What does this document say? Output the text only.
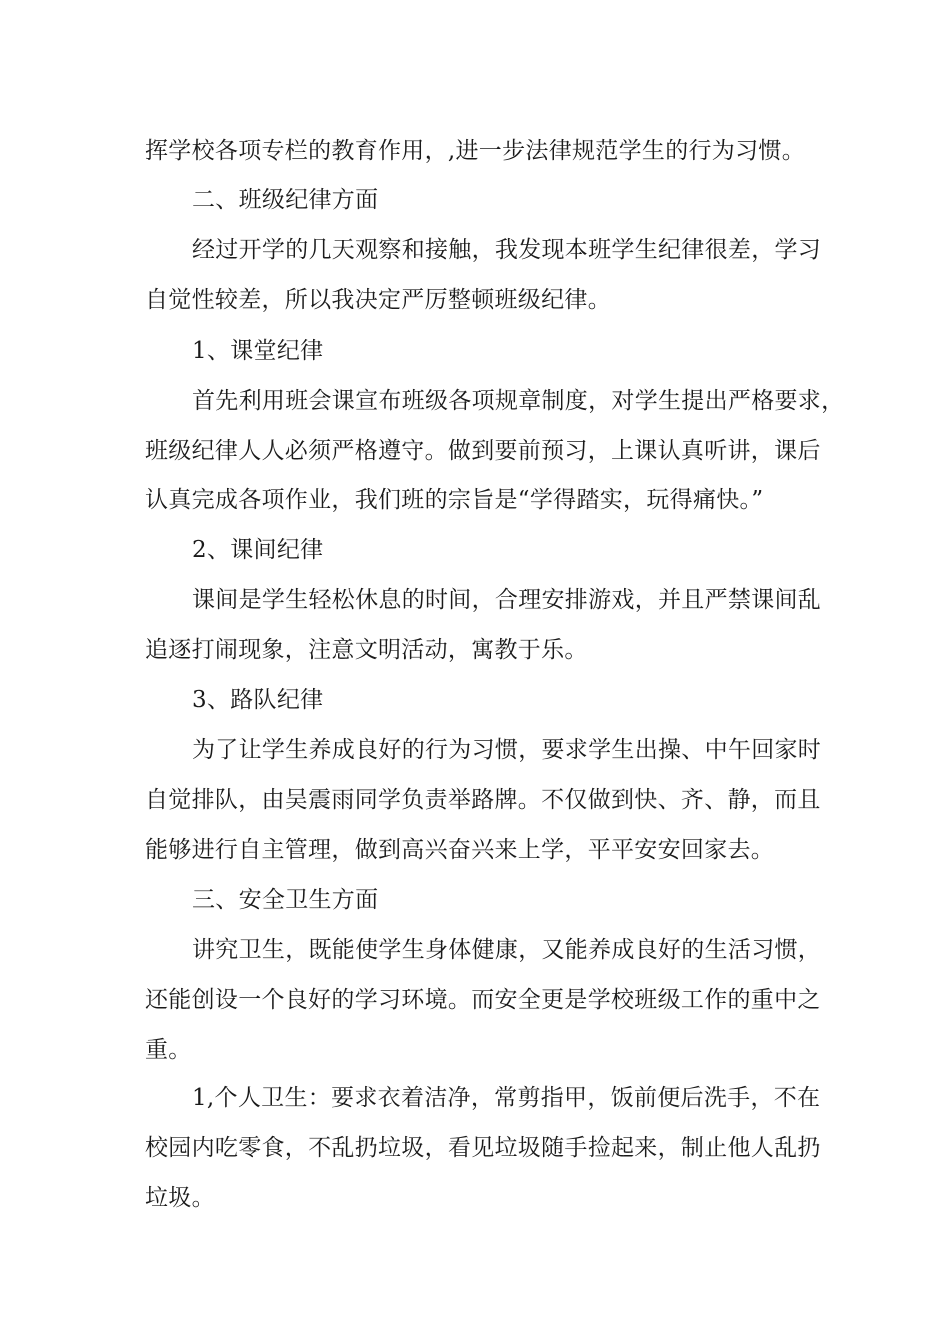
挥学校各项专栏的教育作用，,进一步法律规范学生的行为习惯。
二、班级纪律方面
经过开学的几天观察和接触，我发现本班学生纪律很差，学习
自觉性较差，所以我决定严厉整顿班级纪律。
1、课堂纪律
首先利用班会课宣布班级各项规章制度，对学生提出严格要求，
班级纪律人人必须严格遵守。做到要前预习，上课认真听讲，课后
认真完成各项作业，我们班的宗旨是“学得踏实，玩得痛快。”
2、课间纪律
课间是学生轻松休息的时间，合理安排游戏，并且严禁课间乱
追逐打闹现象，注意文明活动，寓教于乐。
3、路队纪律
为了让学生养成良好的行为习惯，要求学生出操、中午回家时
自觉排队，由吴震雨同学负责举路牌。不仅做到快、齐、静，而且
能够进行自主管理，做到高兴奋兴来上学，平平安安回家去。
三、安全卫生方面
讲究卫生，既能使学生身体健康，又能养成良好的生活习惯，
还能创设一个良好的学习环境。而安全更是学校班级工作的重中之
重。
1,个人卫生：要求衣着洁净，常剪指甲，饭前便后洗手，不在
校园内吃零食，不乱扔垃圾，看见垃圾随手捡起来，制止他人乱扔
垃圾。
